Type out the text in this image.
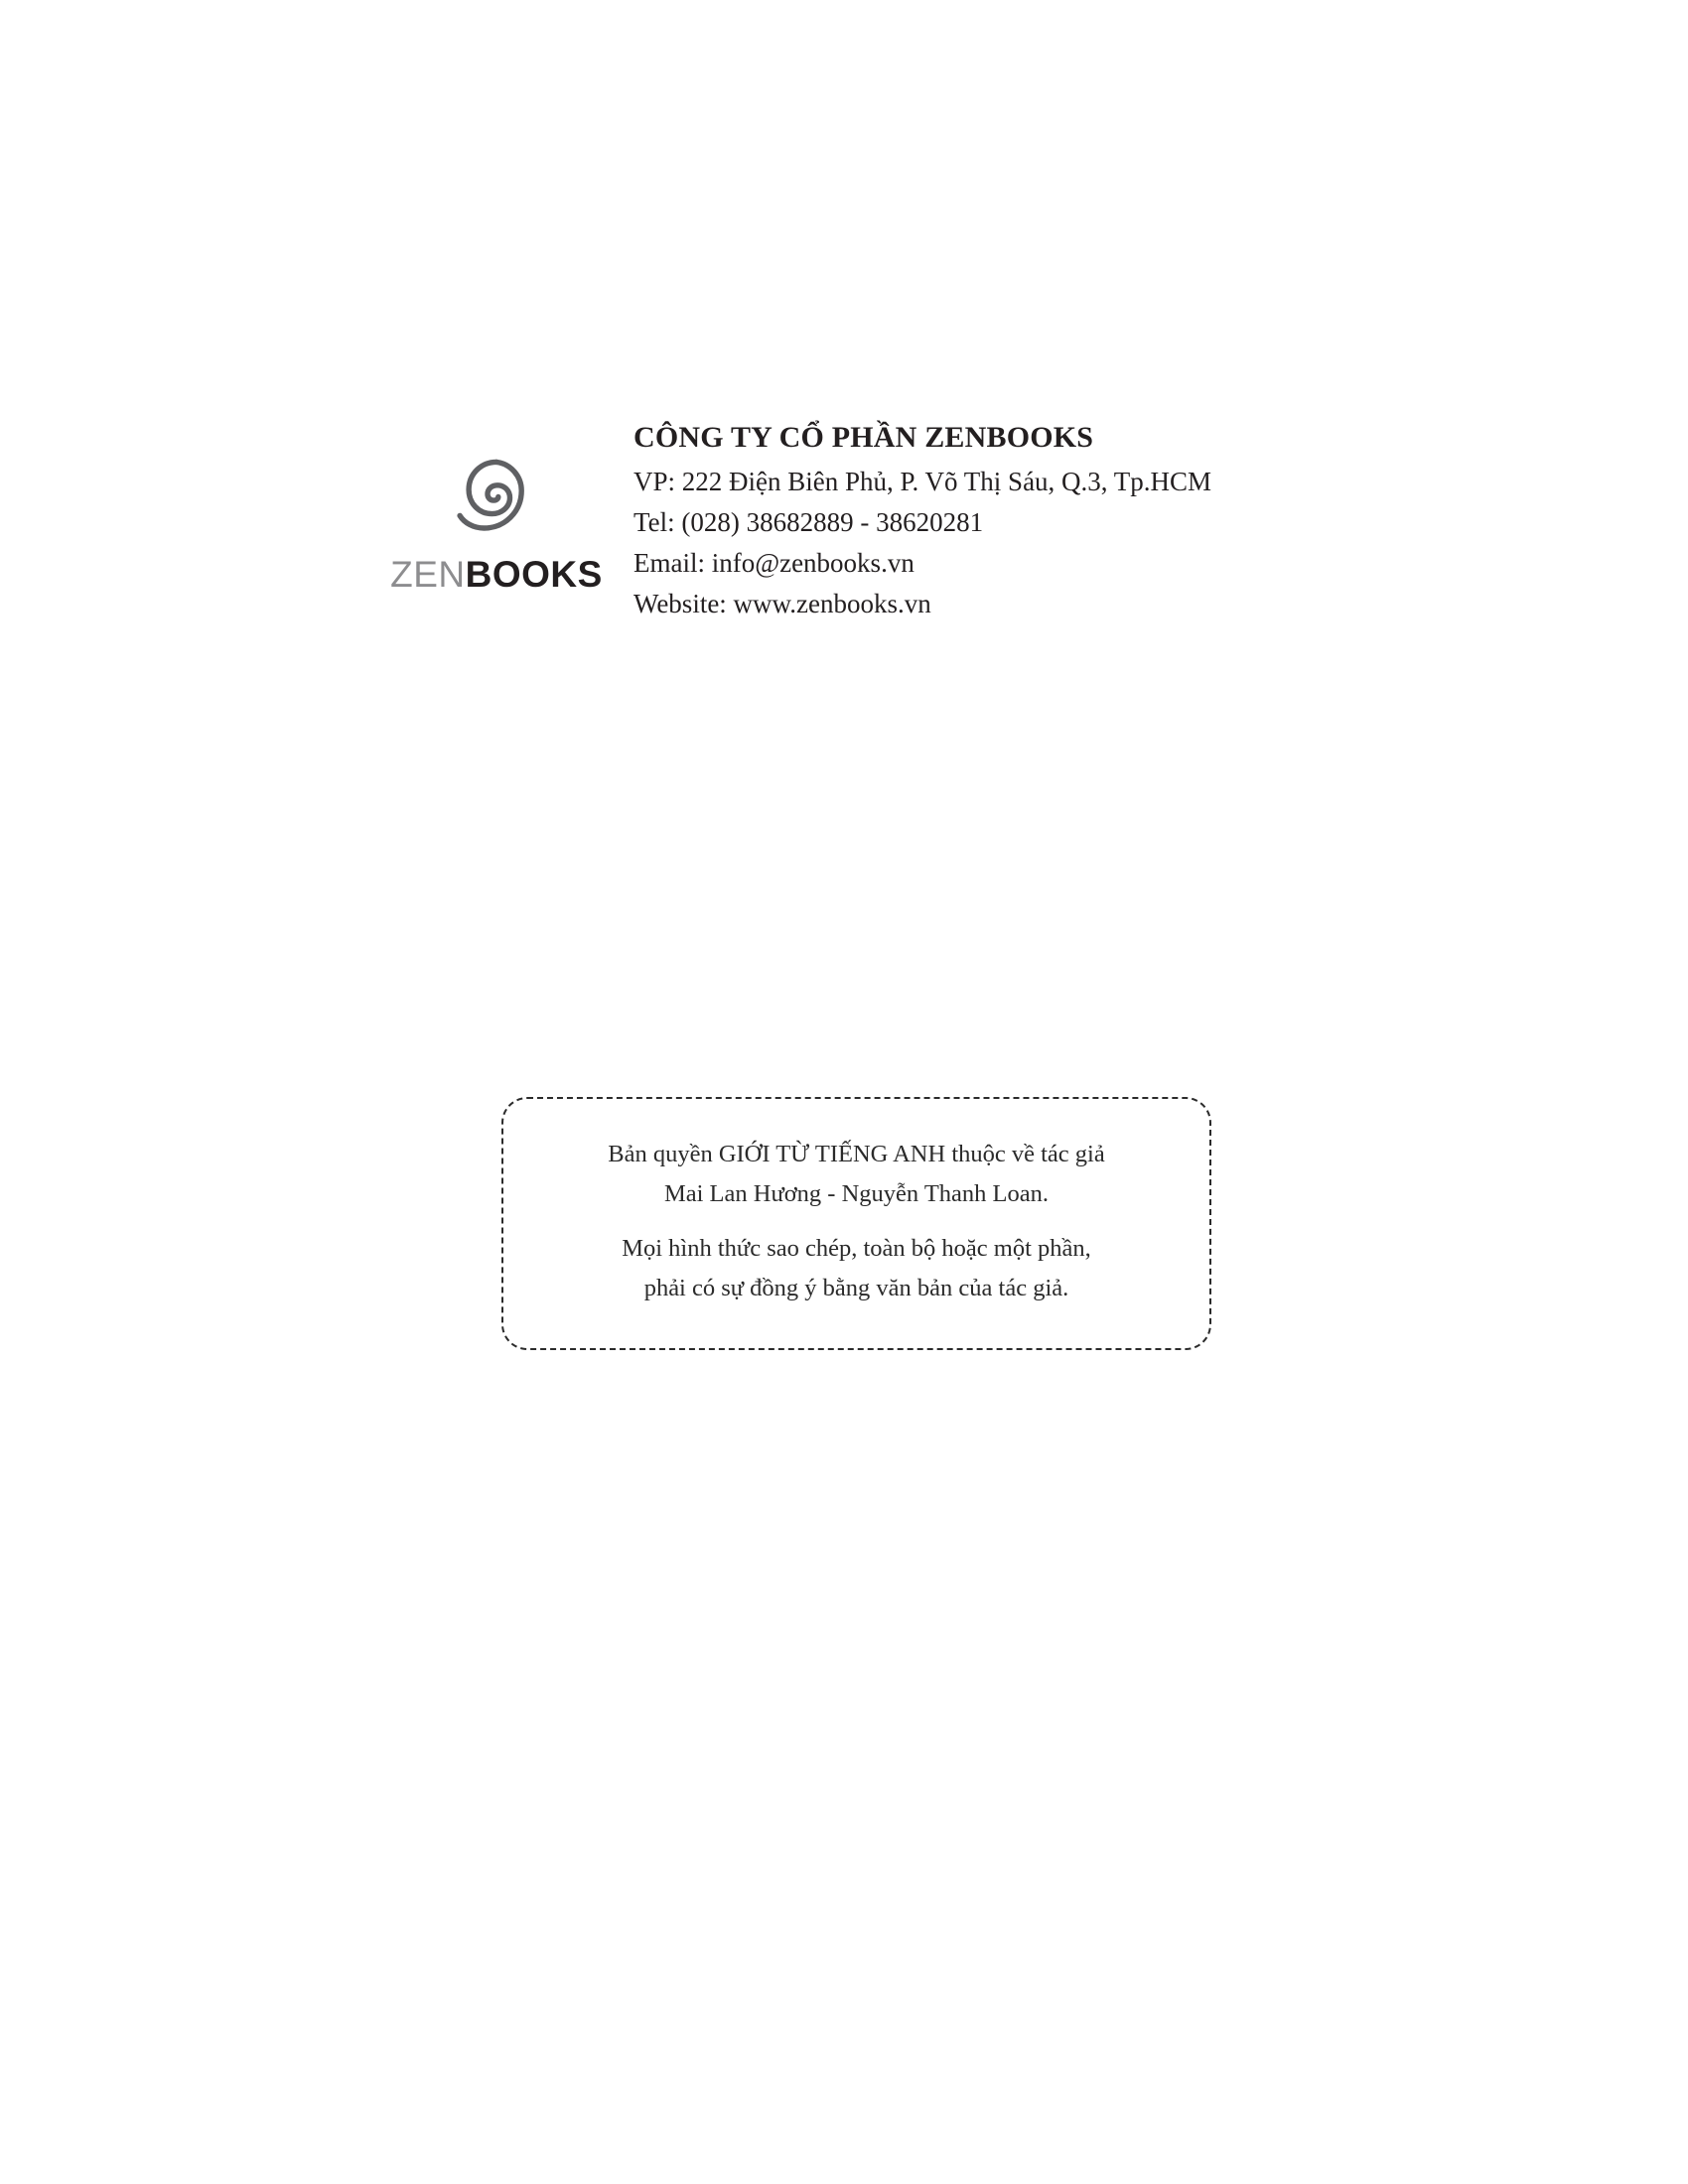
ZENBOOKS

CÔNG TY CỔ PHẦN ZENBOOKS

VP: 222 Điện Biên Phủ, P. Võ Thị Sáu, Q.3, Tp.HCM

Tel: (028) 38682889 - 38620281

Email: info@zenbooks.vn

Website: www.zenbooks.vn

Bản quyền GIỚI TỪ TIẾNG ANH thuộc về tác giả

Mai Lan Hương - Nguyễn Thanh Loan.

Mọi hình thức sao chép, toàn bộ hoặc một phần,

phải có sự đồng ý bằng văn bản của tác giả.
